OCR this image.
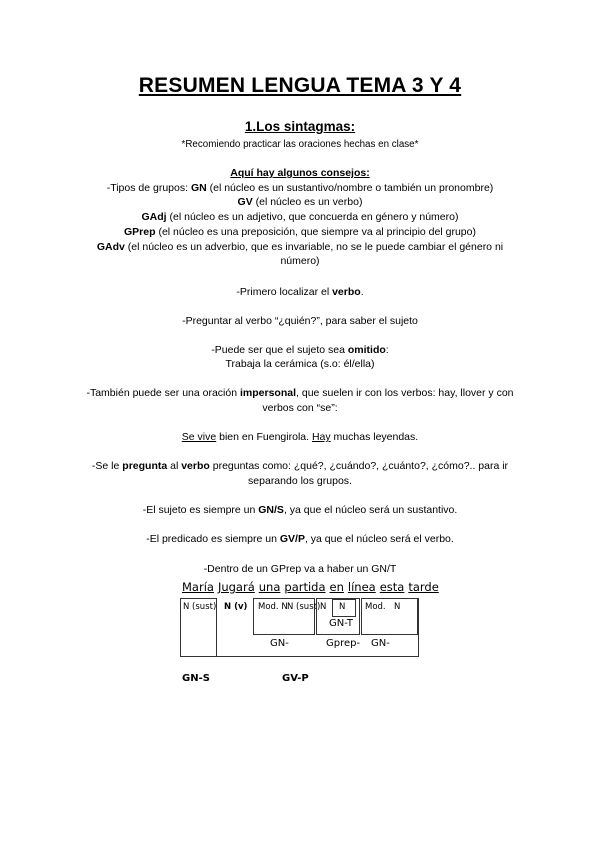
RESUMEN LENGUA TEMA 3 Y 4
1.Los sintagmas:
*Recomiendo practicar las oraciones hechas en clase*
Aquí hay algunos consejos:
-Tipos de grupos: GN (el núcleo es un sustantivo/nombre o también un pronombre)
GV (el núcleo es un verbo)
GAdj (el núcleo es un adjetivo, que concuerda en género y número)
GPrep (el núcleo es una preposición, que siempre va al principio del grupo)
GAdv (el núcleo es un adverbio, que es invariable, no se le puede cambiar el género ni
número)
-Primero localizar el verbo.
-Preguntar al verbo “¿quién?”, para saber el sujeto
-Puede ser que el sujeto sea omitido:
Trabaja la cerámica (s.o: él/ella)
-También puede ser una oración impersonal, que suelen ir con los verbos: hay, llover y con
verbos con “se”:
Se vive bien en Fuengirola. Hay muchas leyendas.
-Se le pregunta al verbo preguntas como: ¿qué?, ¿cuándo?, ¿cuánto?, ¿cómo?.. para ir
separando los grupos.
-El sujeto es siempre un GN/S, ya que el núcleo será un sustantivo.
-El predicado es siempre un GV/P, ya que el núcleo será el verbo.
-Dentro de un GPrep va a haber un GN/T
María Jugará una partida en línea esta tarde
N (sust) N (v) Mod. N N (sust)
GN-
N N
GN-T
Gprep-
Mod. N
GN-
GN-S	GV-P
